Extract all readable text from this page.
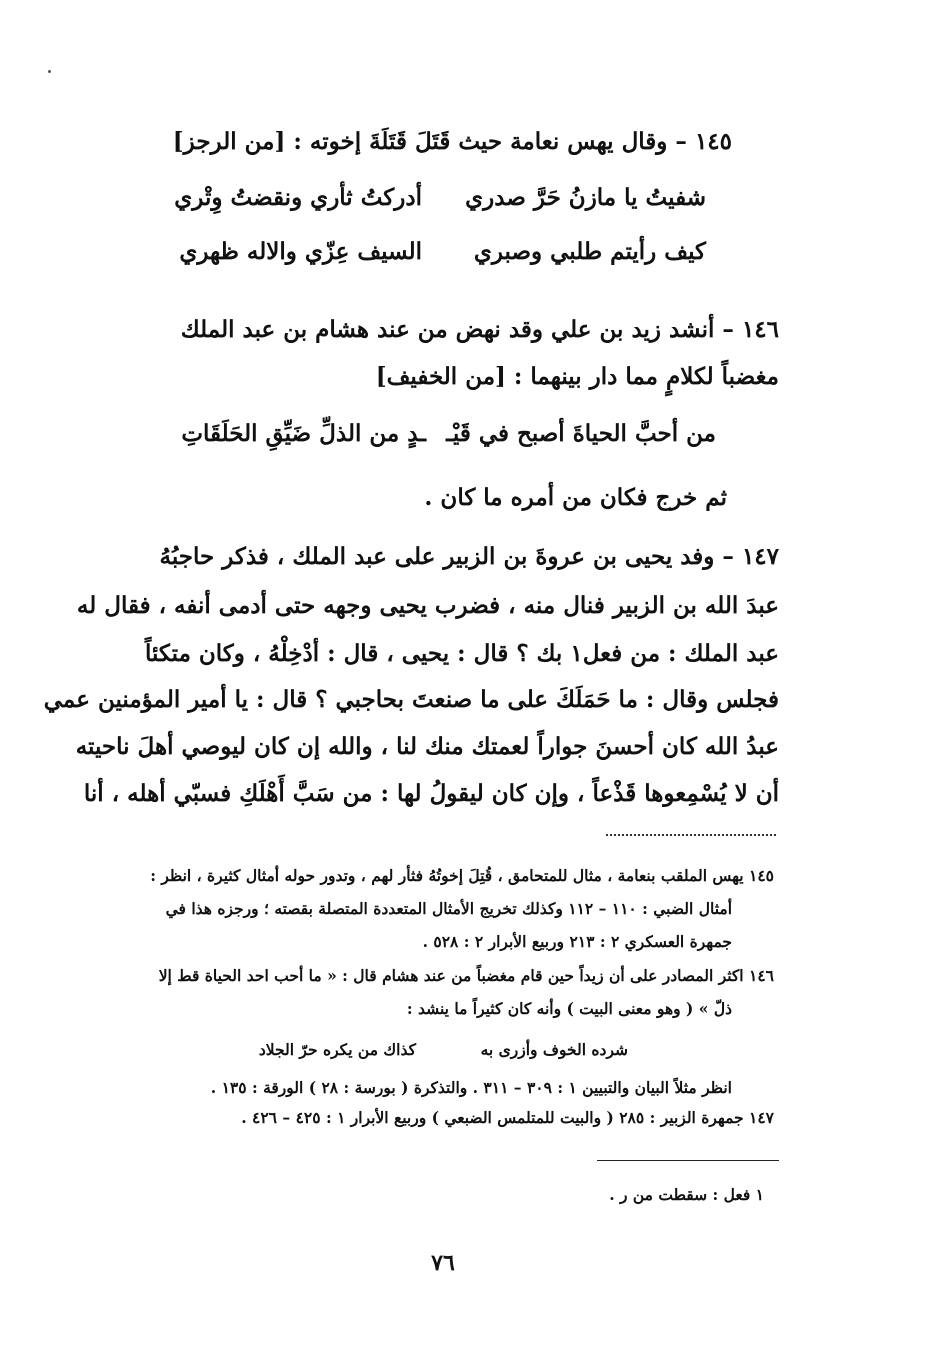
١٤٥ – وقال يهس نعامة حيث قَتَلَ قَتَلَةَ إخوته : [من الرجز]
شفيتُ يا مازنُ حَرَّ صدري
أدركتُ ثأري ونقضتُ وِتْري
كيف رأيتم طلبي وصبري
السيف عِزّي والاله ظهري
١٤٦ – أنشد زيد بن علي وقد نهض من عند هشام بن عبد الملك
مغضباً لكلامٍ مما دار بينهما : [من الخفيف]
من أحبَّ الحياةَ أصبح في قَيْـ
ـدٍ من الذلِّ ضَيِّقِ الحَلَقَاتِ
ثم خرج فكان من أمره ما كان .
١٤٧ – وفد يحيى بن عروةَ بن الزبير على عبد الملك ، فذكر حاجبُهُ
عبدَ الله بن الزبير فنال منه ، فضرب يحيى وجهه حتى أدمى أنفه ، فقال له
عبد الملك : من فعل١ بك ؟ قال : يحيى ، قال : أدْخِلْهُ ، وكان متكئاً
فجلس وقال : ما حَمَلَكَ على ما صنعتَ بحاجبي ؟ قال : يا أمير المؤمنين عمي
عبدُ الله كان أحسنَ جواراً لعمتك منك لنا ، والله إن كان ليوصي أهلَ ناحيته
أن لا يُسْمِعوها قَذْعاً ، وإن كان ليقولُ لها : من سَبَّ أَهْلَكِ فسبّي أهله ، أنا
١٤٥ يهس الملقب بنعامة ، مثال للمتحامق ، قُتِلَ إخوتُهُ فثأر لهم ، وتدور حوله أمثال كثيرة ، انظر :
أمثال الضبي : ١١٠ – ١١٢ وكذلك تخريج الأمثال المتعددة المتصلة بقصته ؛ ورجزه هذا في
جمهرة العسكري ٢ : ٢١٣ وربيع الأبرار ٢ : ٥٢٨ .
١٤٦ اكثر المصادر على أن زيداً حين قام مغضباً من عند هشام قال : « ما أحب احد الحياة قط إلا
ذلّ » ( وهو معنى البيت ) وأنه كان كثيراً ما ينشد :
شرده الخوف وأزرى به
كذاك من يكره حرّ الجلاد
انظر مثلاً البيان والتبيين ١ : ٣٠٩ – ٣١١ . والتذكرة ( بورسة : ٢٨ ) الورقة : ١٣٥ .
١٤٧ جمهرة الزبير : ٢٨٥ ( والبيت للمتلمس الضبعي ) وربيع الأبرار ١ : ٤٢٥ – ٤٢٦ .
١ فعل : سقطت من ر .
٧٦
